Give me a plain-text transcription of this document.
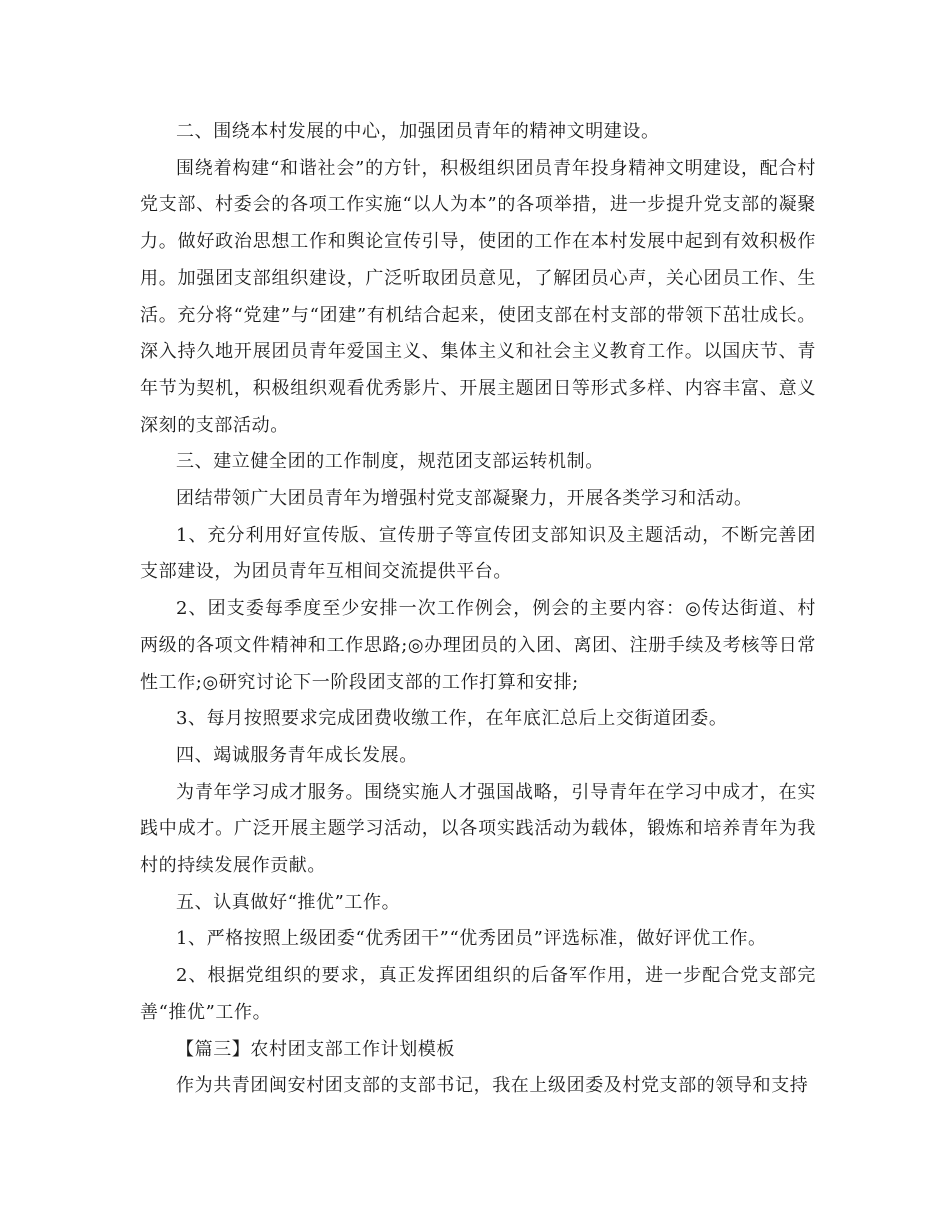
二、围绕本村发展的中心，加强团员青年的精神文明建设。

围绕着构建“和谐社会”的方针，积极组织团员青年投身精神文明建设，配合村党支部、村委会的各项工作实施“以人为本”的各项举措，进一步提升党支部的凝聚力。做好政治思想工作和舆论宣传引导，使团的工作在本村发展中起到有效积极作用。加强团支部组织建设，广泛听取团员意见，了解团员心声，关心团员工作、生活。充分将“党建”与“团建”有机结合起来，使团支部在村支部的带领下茁壮成长。深入持久地开展团员青年爱国主义、集体主义和社会主义教育工作。以国庆节、青年节为契机，积极组织观看优秀影片、开展主题团日等形式多样、内容丰富、意义深刻的支部活动。

三、建立健全团的工作制度，规范团支部运转机制。

团结带领广大团员青年为增强村党支部凝聚力，开展各类学习和活动。

1、充分利用好宣传版、宣传册子等宣传团支部知识及主题活动，不断完善团支部建设，为团员青年互相间交流提供平台。

2、团支委每季度至少安排一次工作例会，例会的主要内容：◎传达街道、村两级的各项文件精神和工作思路;◎办理团员的入团、离团、注册手续及考核等日常性工作;◎研究讨论下一阶段团支部的工作打算和安排;

3、每月按照要求完成团费收缴工作，在年底汇总后上交街道团委。

四、竭诚服务青年成长发展。

为青年学习成才服务。围绕实施人才强国战略，引导青年在学习中成才，在实践中成才。广泛开展主题学习活动，以各项实践活动为载体，锻炼和培养青年为我村的持续发展作贡献。

五、认真做好“推优”工作。

1、严格按照上级团委“优秀团干”“优秀团员”评选标准，做好评优工作。

2、根据党组织的要求，真正发挥团组织的后备军作用，进一步配合党支部完善“推优”工作。

【篇三】农村团支部工作计划模板

作为共青团闽安村团支部的支部书记，我在上级团委及村党支部的领导和支持
